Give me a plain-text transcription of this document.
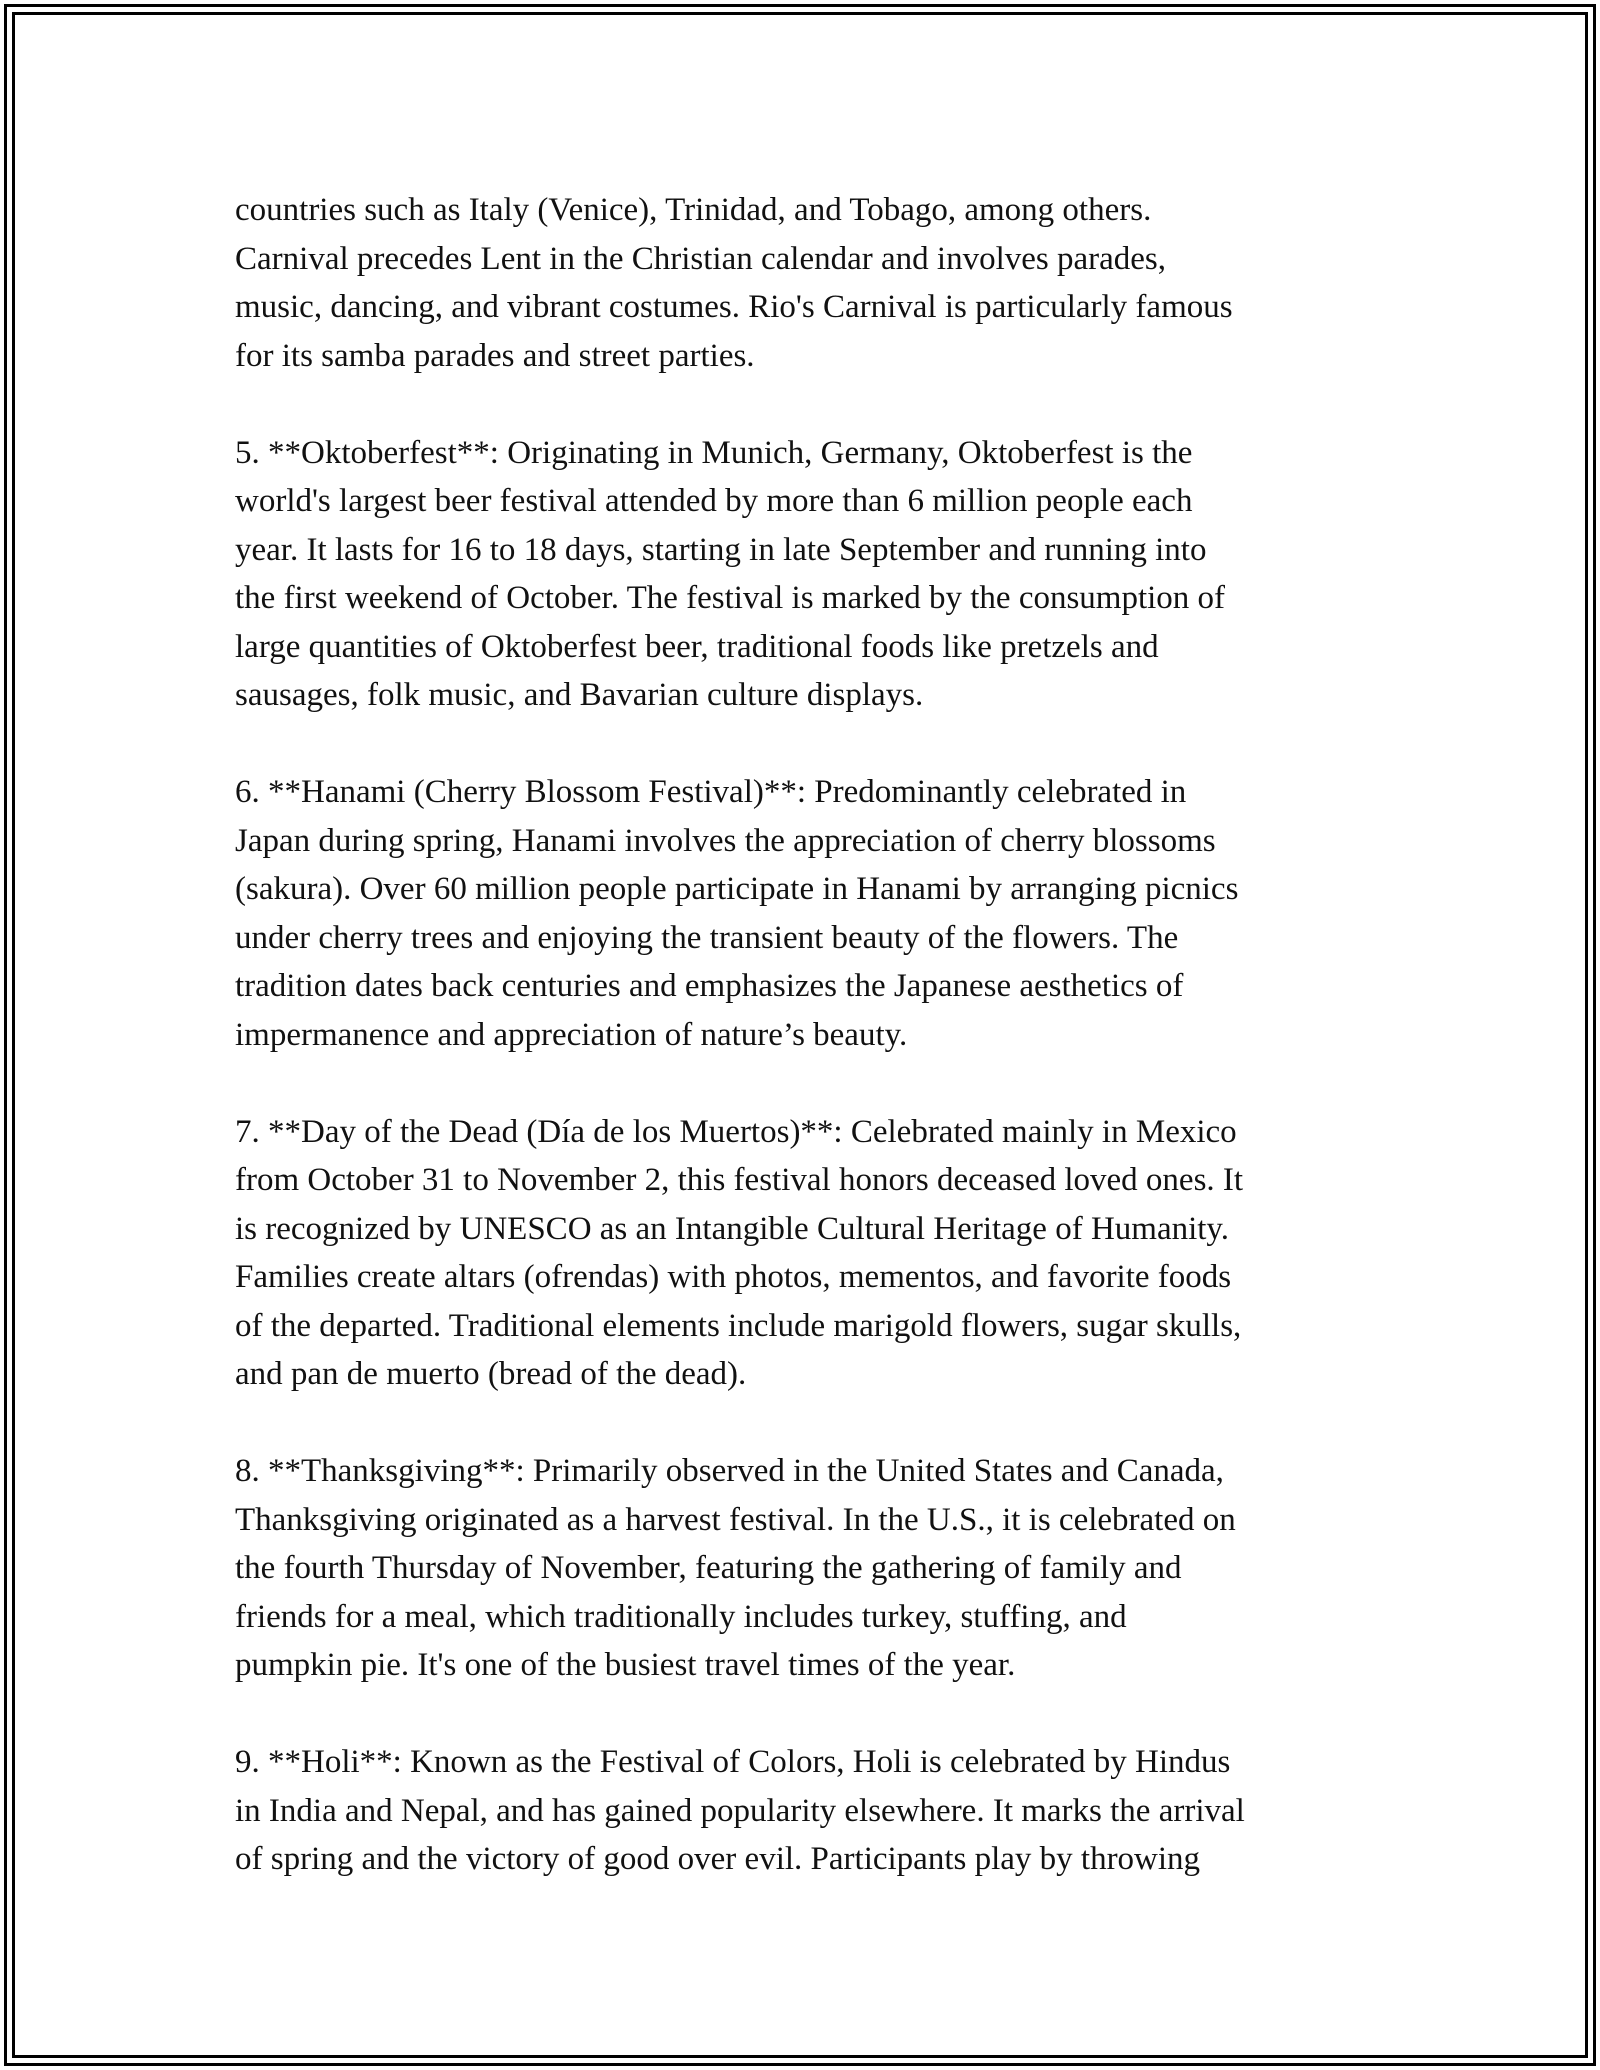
countries such as Italy (Venice), Trinidad, and Tobago, among others.
Carnival precedes Lent in the Christian calendar and involves parades,
music, dancing, and vibrant costumes. Rio's Carnival is particularly famous
for its samba parades and street parties.

5. **Oktoberfest**: Originating in Munich, Germany, Oktoberfest is the
world's largest beer festival attended by more than 6 million people each
year. It lasts for 16 to 18 days, starting in late September and running into
the first weekend of October. The festival is marked by the consumption of
large quantities of Oktoberfest beer, traditional foods like pretzels and
sausages, folk music, and Bavarian culture displays.

6. **Hanami (Cherry Blossom Festival)**: Predominantly celebrated in
Japan during spring, Hanami involves the appreciation of cherry blossoms
(sakura). Over 60 million people participate in Hanami by arranging picnics
under cherry trees and enjoying the transient beauty of the flowers. The
tradition dates back centuries and emphasizes the Japanese aesthetics of
impermanence and appreciation of nature’s beauty.

7. **Day of the Dead (Día de los Muertos)**: Celebrated mainly in Mexico
from October 31 to November 2, this festival honors deceased loved ones. It
is recognized by UNESCO as an Intangible Cultural Heritage of Humanity.
Families create altars (ofrendas) with photos, mementos, and favorite foods
of the departed. Traditional elements include marigold flowers, sugar skulls,
and pan de muerto (bread of the dead).

8. **Thanksgiving**: Primarily observed in the United States and Canada,
Thanksgiving originated as a harvest festival. In the U.S., it is celebrated on
the fourth Thursday of November, featuring the gathering of family and
friends for a meal, which traditionally includes turkey, stuffing, and
pumpkin pie. It's one of the busiest travel times of the year.

9. **Holi**: Known as the Festival of Colors, Holi is celebrated by Hindus
in India and Nepal, and has gained popularity elsewhere. It marks the arrival
of spring and the victory of good over evil. Participants play by throwing
